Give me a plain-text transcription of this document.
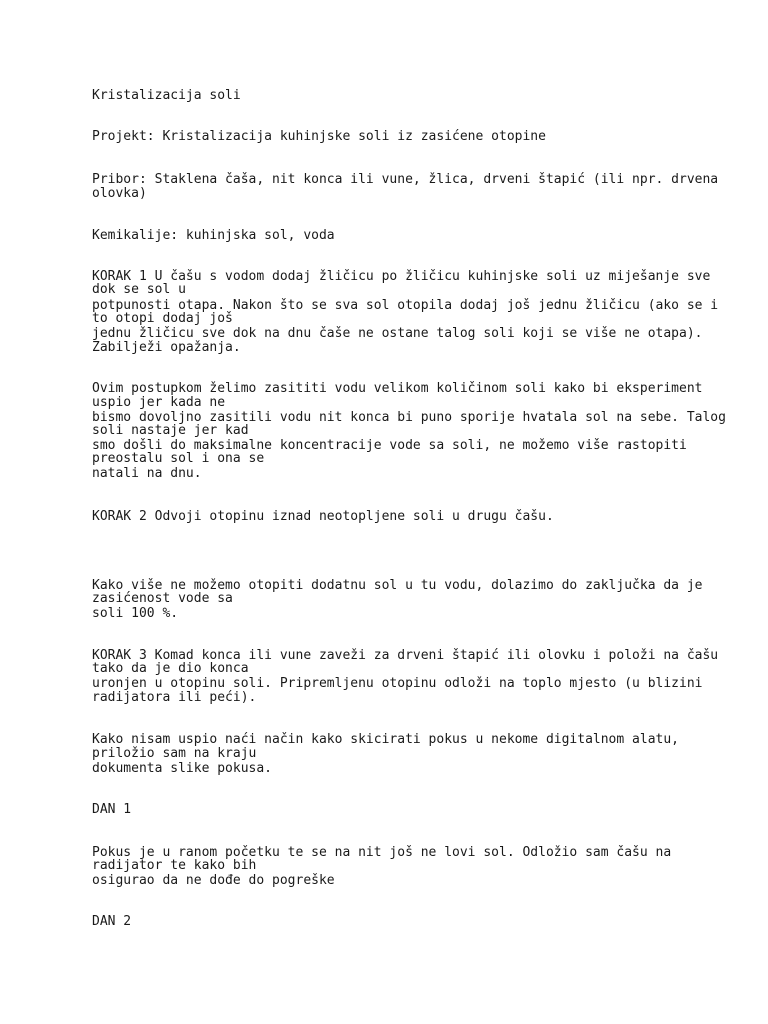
Kristalizacija soli

Projekt: Kristalizacija kuhinjske soli iz zasićene otopine

Pribor: Staklena čaša, nit konca ili vune, žlica, drveni štapić (ili npr. drvena

olovka)

Kemikalije: kuhinjska sol, voda

KORAK 1 U čašu s vodom dodaj žličicu po žličicu kuhinjske soli uz miješanje sve

dok se sol u

potpunosti otapa. Nakon što se sva sol otopila dodaj još jednu žličicu (ako se i

to otopi dodaj još

jednu žličicu sve dok na dnu čaše ne ostane talog soli koji se više ne otapa).

Zabilježi opažanja.

Ovim postupkom želimo zasititi vodu velikom količinom soli kako bi eksperiment

uspio jer kada ne

bismo dovoljno zasitili vodu nit konca bi puno sporije hvatala sol na sebe. Talog

soli nastaje jer kad

smo došli do maksimalne koncentracije vode sa soli, ne možemo više rastopiti

preostalu sol i ona se

natali na dnu.

KORAK 2 Odvoji otopinu iznad neotopljene soli u drugu čašu.

Kako više ne možemo otopiti dodatnu sol u tu vodu, dolazimo do zaključka da je

zasićenost vode sa

soli 100 %.

KORAK 3 Komad konca ili vune zaveži za drveni štapić ili olovku i položi na čašu

tako da je dio konca

uronjen u otopinu soli. Pripremljenu otopinu odloži na toplo mjesto (u blizini

radijatora ili peći).

Kako nisam uspio naći način kako skicirati pokus u nekome digitalnom alatu,

priložio sam na kraju

dokumenta slike pokusa.

DAN 1

Pokus je u ranom početku te se na nit još ne lovi sol. Odložio sam čašu na

radijator te kako bih

osigurao da ne dođe do pogreške

DAN 2
